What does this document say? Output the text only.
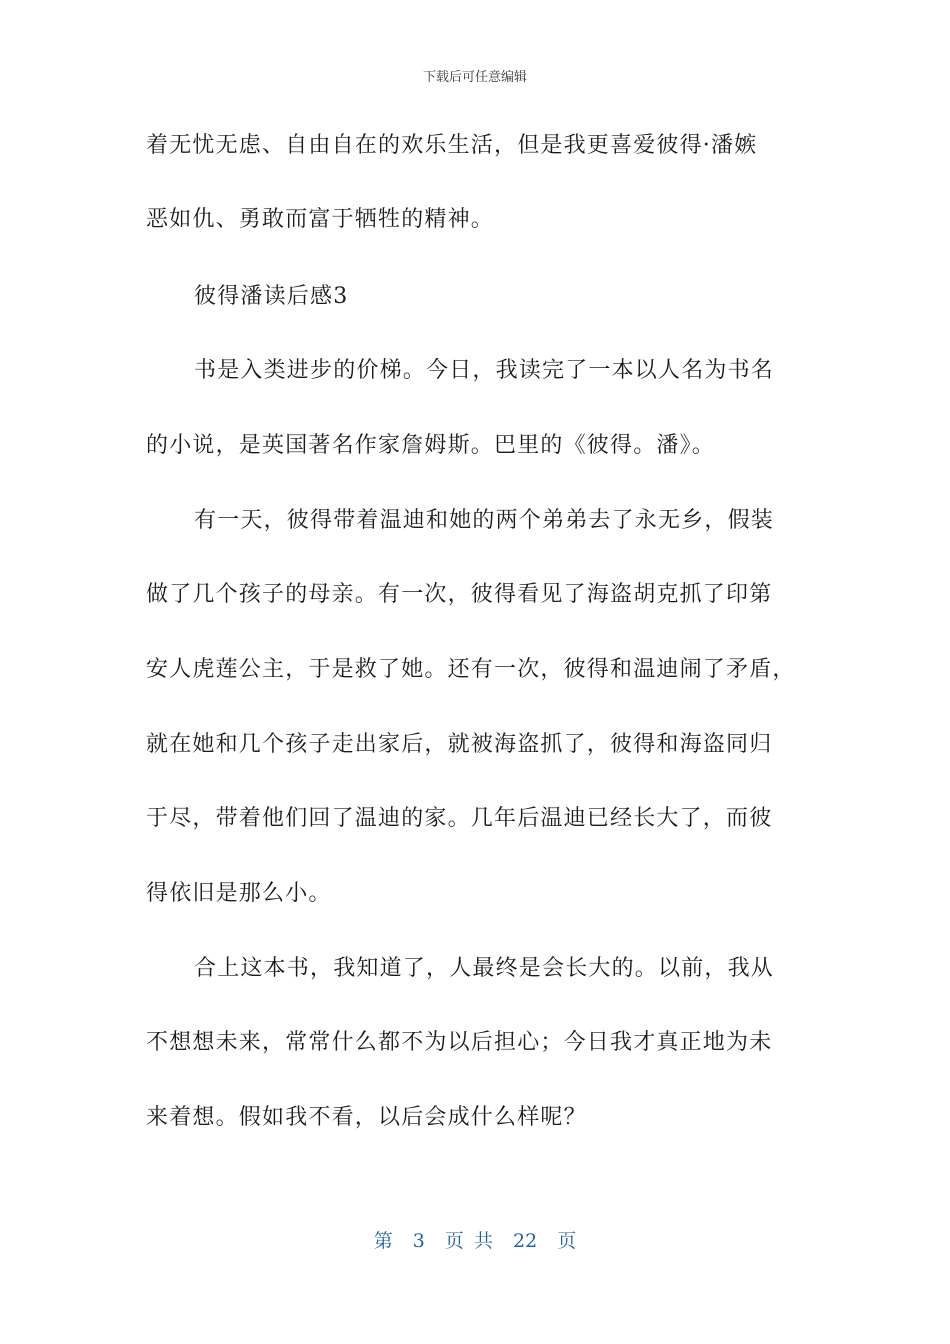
下载后可任意编辑
着无忧无虑、自由自在的欢乐生活，但是我更喜爱彼得·潘嫉
恶如仇、勇敢而富于牺牲的精神。
彼得潘读后感3
书是入类进步的价梯。今日，我读完了一本以人名为书名
的小说，是英国著名作家詹姆斯。巴里的《彼得。潘》。
有一天，彼得带着温迪和她的两个弟弟去了永无乡，假装
做了几个孩子的母亲。有一次，彼得看见了海盗胡克抓了印第
安人虎莲公主，于是救了她。还有一次，彼得和温迪闹了矛盾，
就在她和几个孩子走出家后，就被海盗抓了，彼得和海盗同归
于尽，带着他们回了温迪的家。几年后温迪已经长大了，而彼
得依旧是那么小。
合上这本书，我知道了，人最终是会长大的。以前，我从
不想想未来，常常什么都不为以后担心；今日我才真正地为未
来着想。假如我不看，以后会成什么样呢？
第 3 页 共 22 页
